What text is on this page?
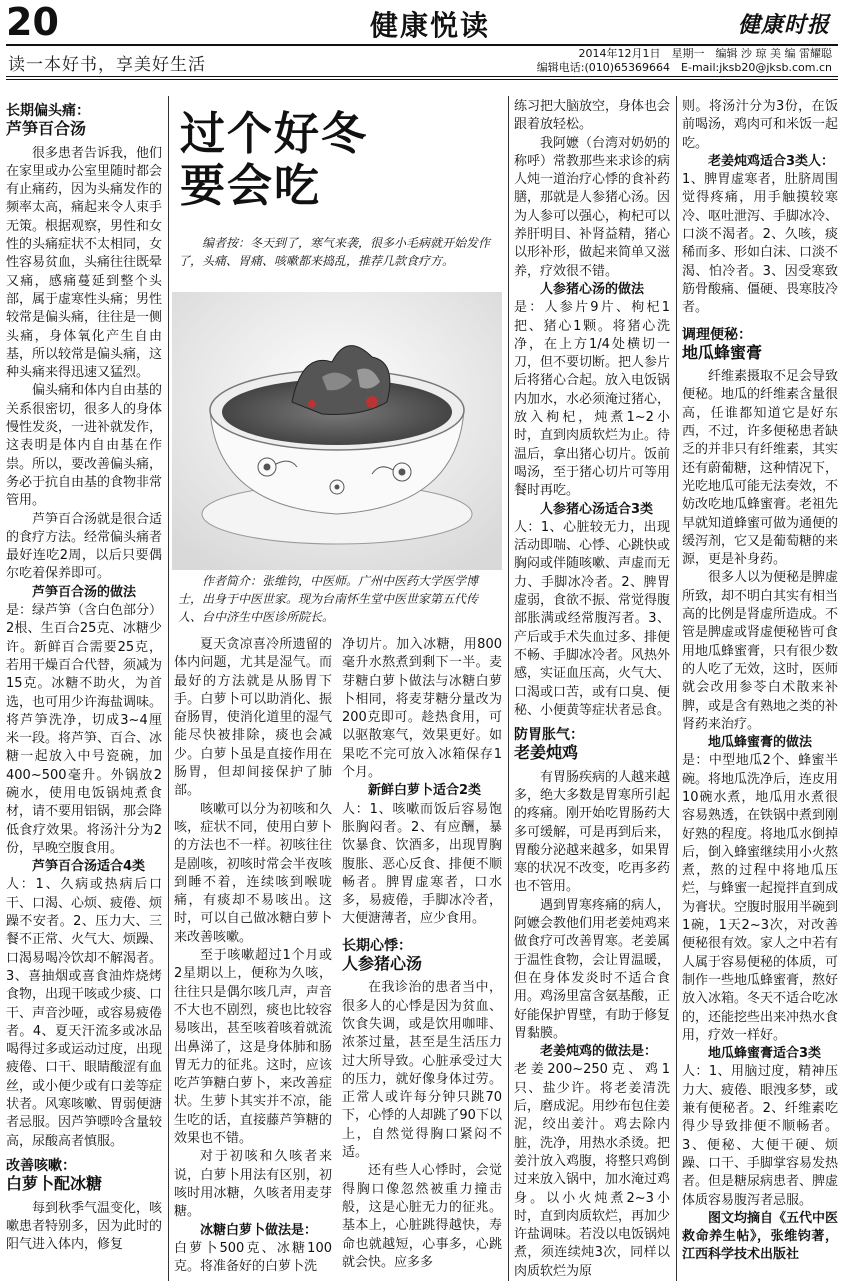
20	健康悦读	健康时报
读一本好书，享美好生活
2014年12月1日　星期一　编辑 沙 琼 美 编 雷耀聪
编辑电话:(010)65369664　E-mail:jksb20@jksb.com.cn
长期偏头痛：
芦笋百合汤

很多患者告诉我，他们在家里或办公室里随时都会有止痛药，因为头痛发作的频率太高，痛起来令人束手无策。根据观察，男性和女性的头痛症状不太相同，女性容易贫血，头痛往往既晕又痛，感痛蔓延到整个头部，属于虚寒性头痛；男性较常是偏头痛，往往是一侧头痛，身体氧化产生自由基，所以较常是偏头痛，这种头痛来得迅速又猛烈。

偏头痛和体内自由基的关系很密切，很多人的身体慢性发炎，一进补就发作，这表明是体内自由基在作祟。所以，要改善偏头痛，务必于抗自由基的食物非常管用。

芦笋百合汤就是很合适的食疗方法。经常偏头痛者最好连吃2周，以后只要偶尔吃着保养即可。

芦笋百合汤的做法

是：绿芦笋（含白色部分）2根、生百合25克、冰糖少许。新鲜百合需要25克，若用干燥百合代替，须减为15克。冰糖不助火，为首选，也可用少许海盐调味。将芦笋洗净，切成3~4厘米一段。将芦笋、百合、冰糖一起放入中号瓷碗，加400~500毫升。外锅放2碗水，使用电饭锅炖煮食材，请不要用铝锅，那会降低食疗效果。将汤汁分为2份，早晚空腹食用。

芦笋百合汤适合4类

人：1、久病或热病后口干、口渴、心烦、疲倦、烦躁不安者。2、压力大、三餐不正常、火气大、烦躁、口渴易喝冷饮却不解渴者。3、喜抽烟或喜食油炸烧烤食物，出现干咳或少痰、口干、声音沙哑，或容易疲倦者。4、夏天汗流多或冰品喝得过多或运动过度，出现疲倦、口干、眼睛酸涩有血丝，或小便少或有口姜等症状者。风寒咳嗽、胃弱便溏者忌服。因芦笋嘌呤含量较高，尿酸高者慎服。

改善咳嗽：
白萝卜配冰糖

每到秋季气温变化，咳嗽患者特别多，因为此时的阳气进入体内，修复

过个好冬
要会吃
编者按：冬天到了，寒气来袭，很多小毛病就开始发作了，头痛、胃痛、咳嗽都来捣乱，推荐几款食疗方。
作者简介：张维钧，中医师。广州中医药大学医学博士，出身于中医世家。现为台南怀生堂中医世家第五代传人、台中济生中医诊所院长。

夏天贪凉喜冷所遗留的体内问题，尤其是湿气。而最好的方法就是从肠胃下手。白萝卜可以助消化、振奋肠胃，使消化道里的湿气能尽快被排除，痰也会减少。白萝卜虽是直接作用在肠胃，但却间接保护了肺部。

咳嗽可以分为初咳和久咳，症状不同，使用白萝卜的方法也不一样。初咳往往是剧咳，初咳时常会半夜咳到睡不着，连续咳到喉咙痛，有痰却不易咳出。这时，可以自己做冰糖白萝卜来改善咳嗽。

至于咳嗽超过1个月或2星期以上，便称为久咳，往往只是偶尔咳几声，声音不大也不剧烈，痰也比较容易咳出，甚至咳着咳着就流出鼻涕了，这是身体肺和肠胃无力的征兆。这时，应该吃芦笋糖白萝卜，来改善症状。生萝卜其实并不凉，能生吃的话，直接藤芦笋糖的效果也不错。

对于初咳和久咳者来说，白萝卜用法有区别，初咳时用冰糖，久咳者用麦芽糖。

冰糖白萝卜做法是：

白萝卜500克、冰糖100克。将准备好的白萝卜洗

净切片。加入冰糖，用800毫升水熬煮到剩下一半。麦芽糖白萝卜做法与冰糖白萝卜相同，将麦芽糖分量改为200克即可。趁热食用，可以驱散寒气，效果更好。如果吃不完可放入冰箱保存1个月。

新鲜白萝卜适合2类

人：1、咳嗽而饭后容易饱胀胸闷者。2、有应酬，暴饮暴食、饮酒多，出现胃胸腹胀、恶心反食、排便不顺畅者。脾胃虚寒者，口水多，易疲倦，手脚冰冷者，大便溏薄者，应少食用。

长期心悸：
人参猪心汤

在我诊治的患者当中，很多人的心悸是因为贫血、饮食失调，或是饮用咖啡、浓茶过量，甚至是生活压力过大所导致。心脏承受过大的压力，就好像身体过劳。正常人或许每分钟只跳70下，心悸的人却跳了90下以上，自然觉得胸口紧闷不适。

还有些人心悸时，会觉得胸口像忽然被重力撞击般，这是心脏无力的征兆。基本上，心脏跳得越快，寿命也就越短，心事多，心跳就会快。应多多

练习把大脑放空，身体也会跟着放轻松。

我阿嬷（台湾对奶奶的称呼）常教那些来求诊的病人炖一道治疗心悸的食补药膳，那就是人参猪心汤。因为人参可以强心，枸杞可以养肝明目、补肾益精，猪心以形补形，做起来简单又滋养，疗效很不错。

人参猪心汤的做法

是：人参片9片、枸杞1把、猪心1颗。将猪心洗净，在上方1/4处横切一刀，但不要切断。把人参片后将猪心合起。放入电饭锅内加水，水必须淹过猪心，放入枸杞，炖煮1~2小时，直到肉质软烂为止。待温后，拿出猪心切片。饭前喝汤，至于猪心切片可等用餐时再吃。

人参猪心汤适合3类

人：1、心脏较无力，出现活动即喘、心悸、心跳快或胸闷或伴随咳嗽、声虚而无力、手脚冰冷者。2、脾胃虚弱，食欲不振、常觉得腹部胀满或经常腹泻者。3、产后或手术失血过多、排便不畅、手脚冰冷者。风热外感，实证血压高，火气大、口渴或口苦，或有口臭、便秘、小便黄等症状者忌食。

防胃胀气：
老姜炖鸡

有胃肠疾病的人越来越多，绝大多数是胃寒所引起的疼痛。刚开始吃胃肠药大多可缓解，可是再到后来，胃酸分泌越来越多，如果胃寒的状况不改变，吃再多药也不管用。

遇到胃寒疼痛的病人，阿嬷会教他们用老姜炖鸡来做食疗可改善胃寒。老姜属于温性食物，会让胃温暖，但在身体发炎时不适合食用。鸡汤里富含氨基酸，正好能保护胃壁，有助于修复胃黏膜。

老姜炖鸡的做法是：

老姜200~250克、鸡1只、盐少许。将老姜清洗后，磨成泥。用纱布包住姜泥，绞出姜汁。鸡去除内脏，洗净，用热水杀烫。把姜汁放入鸡腹，将整只鸡倒过来放入锅中，加水淹过鸡身。以小火炖煮2~3小时，直到肉质软烂，再加少许盐调味。若没以电饭锅炖煮，须连续炖3次，同样以肉质软烂为原

则。将汤汁分为3份，在饭前喝汤，鸡肉可和米饭一起吃。

老姜炖鸡适合3类人：

1、脾胃虚寒者，肚脐周围觉得疼痛，用手触摸较寒冷、呕吐泄泻、手脚冰冷、口淡不渴者。2、久咳，痰稀而多、形如白沫、口淡不渴、怕冷者。3、因受寒致筋骨酸痛、僵硬、畏寒肢冷者。

调理便秘：
地瓜蜂蜜膏

纤维素摄取不足会导致便秘。地瓜的纤维素含量很高，任谁都知道它是好东西，不过，许多便秘患者缺乏的并非只有纤维素，其实还有蔚葡糖，这种情况下，光吃地瓜可能无法奏效，不妨改吃地瓜蜂蜜膏。老祖先早就知道蜂蜜可做为通便的缓泻剂，它又是葡萄糖的来源，更是补身药。

很多人以为便秘是脾虚所致，却不明白其实有相当高的比例是肾虚所造成。不管是脾虚或肾虚便秘皆可食用地瓜蜂蜜膏，只有很少数的人吃了无效，这时，医师就会改用参苓白术散来补脾，或是含有熟地之类的补肾药来治疗。

地瓜蜂蜜膏的做法

是：中型地瓜2个、蜂蜜半碗。将地瓜洗净后，连皮用10碗水煮，地瓜用水煮很容易熟透，在铁锅中煮到刚好熟的程度。将地瓜水倒掉后，倒入蜂蜜继续用小火熬煮，熬的过程中将地瓜压烂，与蜂蜜一起搅拌直到成为膏状。空腹时服用半碗到1碗，1天2~3次，对改善便秘很有效。家人之中若有人属于容易便秘的体质，可制作一些地瓜蜂蜜膏，熬好放入冰箱。冬天不适合吃冰的，还能挖些出来冲热水食用，疗效一样好。

地瓜蜂蜜膏适合3类

人：1、用脑过度，精神压力大、疲倦、眼洩多梦，或兼有便秘者。2、纤维素吃得少导致排便不顺畅者。3、便秘、大便干硬、烦躁、口干、手脚掌容易发热者。但是糖尿病患者、脾虚体质容易腹泻者忌服。

图文均摘自《五代中医救命养生帖》，张维钧著，江西科学技术出版社
